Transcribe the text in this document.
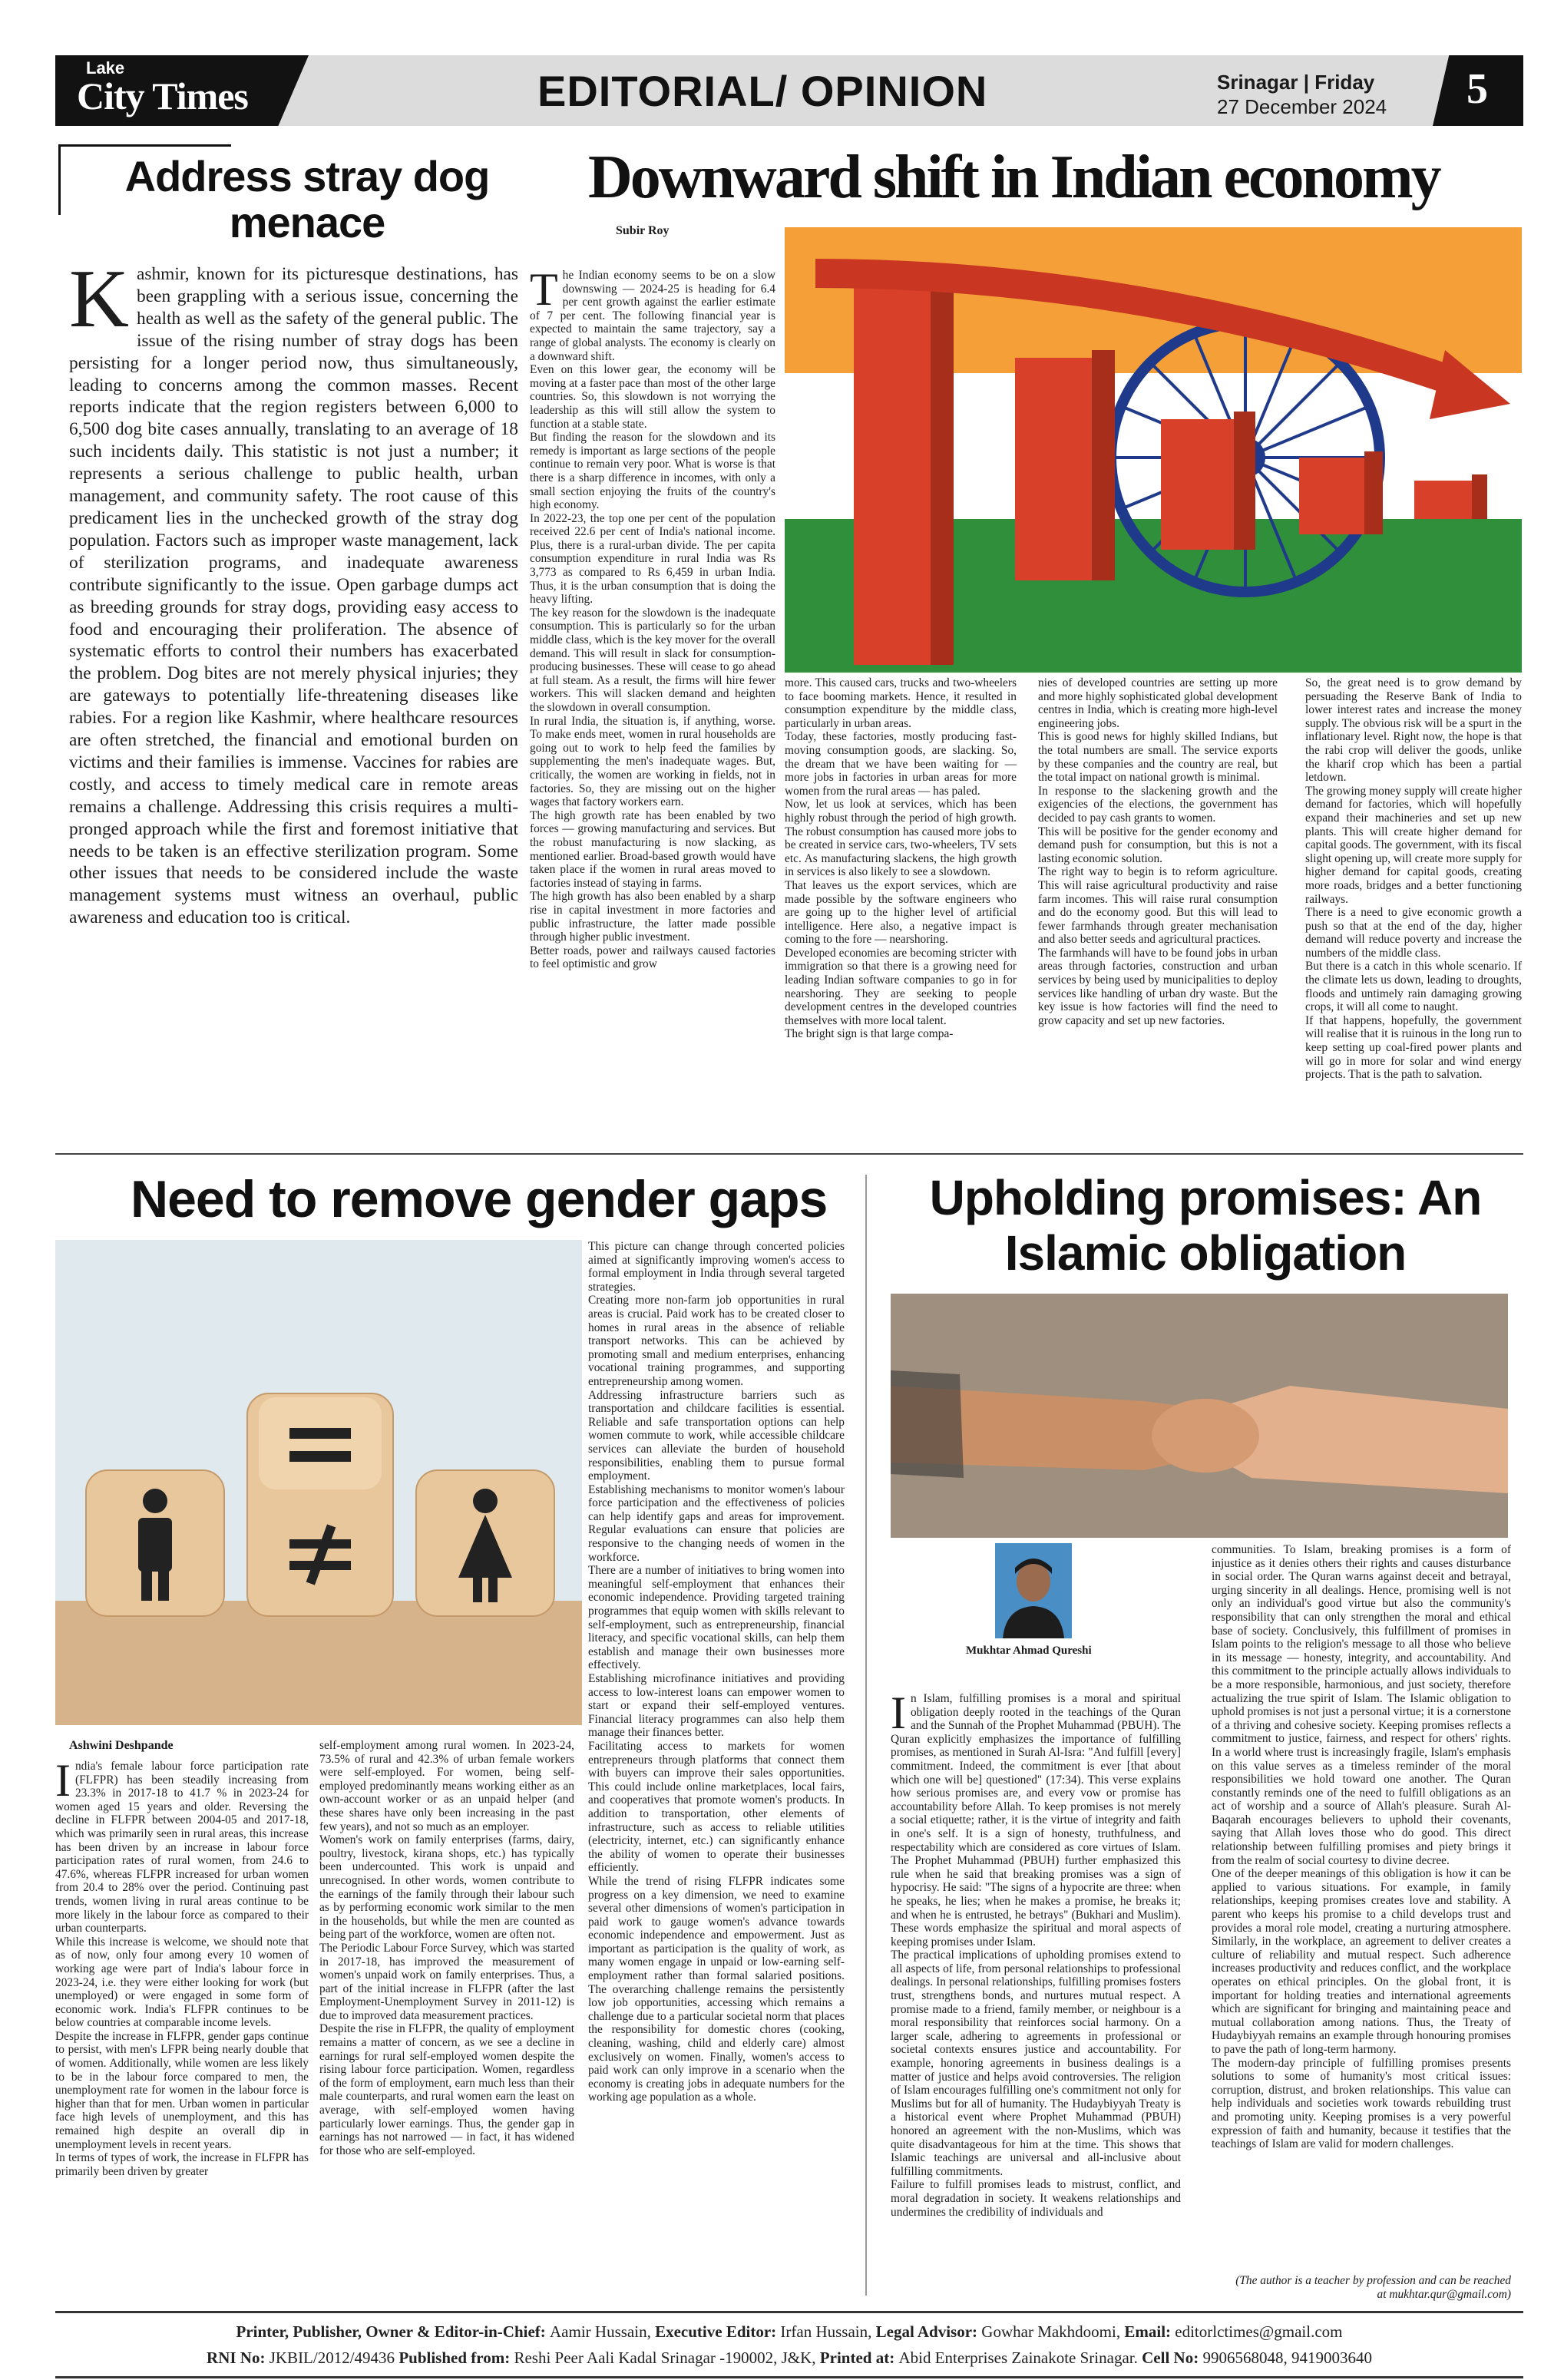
Lake
City Times	EDITORIAL/ OPINION	Srinagar | Friday
27 December 2024 5
Address stray dog menace
Kashmir, known for its picturesque destinations, has been grappling with a serious issue, concerning the health as well as the safety of the general public. The issue of the rising number of stray dogs has been persisting for a longer period now, thus simultaneously, leading to concerns among the common masses. Recent reports indicate that the region registers between 6,000 to 6,500 dog bite cases annually, translating to an average of 18 such incidents daily. This statistic is not just a number; it represents a serious challenge to public health, urban management, and community safety. The root cause of this predicament lies in the unchecked growth of the stray dog population. Factors such as improper waste management, lack of sterilization programs, and inadequate awareness contribute significantly to the issue. Open garbage dumps act as breeding grounds for stray dogs, providing easy access to food and encouraging their proliferation. The absence of systematic efforts to control their numbers has exacerbated the problem. Dog bites are not merely physical injuries; they are gateways to potentially life-threatening diseases like rabies. For a region like Kashmir, where healthcare resources are often stretched, the financial and emotional burden on victims and their families is immense. Vaccines for rabies are costly, and access to timely medical care in remote areas remains a challenge. Addressing this crisis requires a multi-pronged approach while the first and foremost initiative that needs to be taken is an effective sterilization program. Some other issues that needs to be considered include the waste management systems must witness an overhaul, public awareness and education too is critical.
Downward shift in Indian economy
Subir Roy
The Indian economy seems to be on a slow downswing — 2024-25 is heading for 6.4 per cent growth against the earlier estimate of 7 per cent. The following financial year is expected to maintain the same trajectory, say a range of global analysts. The economy is clearly on a downward shift.
Even on this lower gear, the economy will be moving at a faster pace than most of the other large countries. So, this slowdown is not worrying the leadership as this will still allow the system to function at a stable state.
But finding the reason for the slowdown and its remedy is important as large sections of the people continue to remain very poor. What is worse is that there is a sharp difference in incomes, with only a small section enjoying the fruits of the country's high economy.
In 2022-23, the top one per cent of the population received 22.6 per cent of India's national income. Plus, there is a rural-urban divide. The per capita consumption expenditure in rural India was Rs 3,773 as compared to Rs 6,459 in urban India. Thus, it is the urban consumption that is doing the heavy lifting.
The key reason for the slowdown is the inadequate consumption. This is particularly so for the urban middle class, which is the key mover for the overall demand. This will result in slack for consumption-producing businesses. These will cease to go ahead at full steam. As a result, the firms will hire fewer workers. This will slacken demand and heighten the slowdown in overall consumption.
In rural India, the situation is, if anything, worse. To make ends meet, women in rural households are going out to work to help feed the families by supplementing the men's inadequate wages. But, critically, the women are working in fields, not in factories. So, they are missing out on the higher wages that factory workers earn.
The high growth rate has been enabled by two forces — growing manufacturing and services. But the robust manufacturing is now slacking, as mentioned earlier. Broad-based growth would have taken place if the women in rural areas moved to factories instead of staying in farms.
The high growth has also been enabled by a sharp rise in capital investment in more factories and public infrastructure, the latter made possible through higher public investment.
Better roads, power and railways caused factories to feel optimistic and grow
more. This caused cars, trucks and two-wheelers to face booming markets. Hence, it resulted in consumption expenditure by the middle class, particularly in urban areas.
Today, these factories, mostly producing fast-moving consumption goods, are slacking. So, the dream that we have been waiting for — more jobs in factories in urban areas for more women from the rural areas — has paled.
Now, let us look at services, which has been highly robust through the period of high growth. The robust consumption has caused more jobs to be created in service cars, two-wheelers, TV sets etc. As manufacturing slackens, the high growth in services is also likely to see a slowdown.
That leaves us the export services, which are made possible by the software engineers who are going up to the higher level of artificial intelligence. Here also, a negative impact is coming to the fore — nearshoring.
Developed economies are becoming stricter with immigration so that there is a growing need for leading Indian software companies to go in for nearshoring. They are seeking to people development centres in the developed countries themselves with more local talent.
The bright sign is that large compa-
nies of developed countries are setting up more and more highly sophisticated global development centres in India, which is creating more high-level engineering jobs.
This is good news for highly skilled Indians, but the total numbers are small. The service exports by these companies and the country are real, but the total impact on national growth is minimal.
In response to the slackening growth and the exigencies of the elections, the government has decided to pay cash grants to women.
This will be positive for the gender economy and demand push for consumption, but this is not a lasting economic solution.
The right way to begin is to reform agriculture. This will raise agricultural productivity and raise farm incomes. This will raise rural consumption and do the economy good. But this will lead to fewer farmhands through greater mechanisation and also better seeds and agricultural practices.
The farmhands will have to be found jobs in urban areas through factories, construction and urban services by being used by municipalities to deploy services like handling of urban dry waste. But the key issue is how factories will find the need to grow capacity and set up new factories.
So, the great need is to grow demand by persuading the Reserve Bank of India to lower interest rates and increase the money supply. The obvious risk will be a spurt in the inflationary level. Right now, the hope is that the rabi crop will deliver the goods, unlike the kharif crop which has been a partial letdown.
The growing money supply will create higher demand for factories, which will hopefully expand their machineries and set up new plants. This will create higher demand for capital goods. The government, with its fiscal slight opening up, will create more supply for higher demand for capital goods, creating more roads, bridges and a better functioning railways.
There is a need to give economic growth a push so that at the end of the day, higher demand will reduce poverty and increase the numbers of the middle class.
But there is a catch in this whole scenario. If the climate lets us down, leading to droughts, floods and untimely rain damaging growing crops, it will all come to naught.
If that happens, hopefully, the government will realise that it is ruinous in the long run to keep setting up coal-fired power plants and will go in more for solar and wind energy projects. That is the path to salvation.
Need to remove gender gaps
Ashwini Deshpande
India's female labour force participation rate (FLFPR) has been steadily increasing from 23.3% in 2017-18 to 41.7 % in 2023-24 for women aged 15 years and older. Reversing the decline in FLFPR between 2004-05 and 2017-18, which was primarily seen in rural areas, this increase has been driven by an increase in labour force participation rates of rural women, from 24.6 to 47.6%, whereas FLFPR increased for urban women from 20.4 to 28% over the period. Continuing past trends, women living in rural areas continue to be more likely in the labour force as compared to their urban counterparts.
While this increase is welcome, we should note that as of now, only four among every 10 women of working age were part of India's labour force in 2023-24, i.e. they were either looking for work (but unemployed) or were engaged in some form of economic work. India's FLFPR continues to be below countries at comparable income levels.
Despite the increase in FLFPR, gender gaps continue to persist, with men's LFPR being nearly double that of women. Additionally, while women are less likely to be in the labour force compared to men, the unemployment rate for women in the labour force is higher than that for men. Urban women in particular face high levels of unemployment, and this has remained high despite an overall dip in unemployment levels in recent years.
In terms of types of work, the increase in FLFPR has primarily been driven by greater
self-employment among rural women. In 2023-24, 73.5% of rural and 42.3% of urban female workers were self-employed. For women, being self-employed predominantly means working either as an own-account worker or as an unpaid helper (and these shares have only been increasing in the past few years), and not so much as an employer.
Women's work on family enterprises (farms, dairy, poultry, livestock, kirana shops, etc.) has typically been undercounted. This work is unpaid and unrecognised. In other words, women contribute to the earnings of the family through their labour such as by performing economic work similar to the men in the households, but while the men are counted as being part of the workforce, women are often not.
The Periodic Labour Force Survey, which was started in 2017-18, has improved the measurement of women's unpaid work on family enterprises. Thus, a part of the initial increase in FLFPR (after the last Employment-Unemployment Survey in 2011-12) is due to improved data measurement practices.
Despite the rise in FLFPR, the quality of employment remains a matter of concern, as we see a decline in earnings for rural self-employed women despite the rising labour force participation. Women, regardless of the form of employment, earn much less than their male counterparts, and rural women earn the least on average, with self-employed women having particularly lower earnings. Thus, the gender gap in earnings has not narrowed — in fact, it has widened for those who are self-employed.
This picture can change through concerted policies aimed at significantly improving women's access to formal employment in India through several targeted strategies.
Creating more non-farm job opportunities in rural areas is crucial. Paid work has to be created closer to homes in rural areas in the absence of reliable transport networks. This can be achieved by promoting small and medium enterprises, enhancing vocational training programmes, and supporting entrepreneurship among women.
Addressing infrastructure barriers such as transportation and childcare facilities is essential. Reliable and safe transportation options can help women commute to work, while accessible childcare services can alleviate the burden of household responsibilities, enabling them to pursue formal employment.
Establishing mechanisms to monitor women's labour force participation and the effectiveness of policies can help identify gaps and areas for improvement. Regular evaluations can ensure that policies are responsive to the changing needs of women in the workforce.
There are a number of initiatives to bring women into meaningful self-employment that enhances their economic independence. Providing targeted training programmes that equip women with skills relevant to self-employment, such as entrepreneurship, financial literacy, and specific vocational skills, can help them establish and manage their own businesses more effectively.
Establishing microfinance initiatives and providing access to low-interest loans can empower women to start or expand their self-employed ventures. Financial literacy programmes can also help them manage their finances better.
Facilitating access to markets for women entrepreneurs through platforms that connect them with buyers can improve their sales opportunities. This could include online marketplaces, local fairs, and cooperatives that promote women's products. In addition to transportation, other elements of infrastructure, such as access to reliable utilities (electricity, internet, etc.) can significantly enhance the ability of women to operate their businesses efficiently.
While the trend of rising FLFPR indicates some progress on a key dimension, we need to examine several other dimensions of women's participation in paid work to gauge women's advance towards economic independence and empowerment. Just as important as participation is the quality of work, as many women engage in unpaid or low-earning self-employment rather than formal salaried positions. The overarching challenge remains the persistently low job opportunities, accessing which remains a challenge due to a particular societal norm that places the responsibility for domestic chores (cooking, cleaning, washing, child and elderly care) almost exclusively on women. Finally, women's access to paid work can only improve in a scenario when the economy is creating jobs in adequate numbers for the working age population as a whole.
Upholding promises: An Islamic obligation
Mukhtar Ahmad Qureshi
In Islam, fulfilling promises is a moral and spiritual obligation deeply rooted in the teachings of the Quran and the Sunnah of the Prophet Muhammad (PBUH). The Quran explicitly emphasizes the importance of fulfilling promises, as mentioned in Surah Al-Isra: "And fulfill [every] commitment. Indeed, the commitment is ever [that about which one will be] questioned" (17:34). This verse explains how serious promises are, and every vow or promise has accountability before Allah. To keep promises is not merely a social etiquette; rather, it is the virtue of integrity and faith in one's self. It is a sign of honesty, truthfulness, and respectability which are considered as core virtues of Islam. The Prophet Muhammad (PBUH) further emphasized this rule when he said that breaking promises was a sign of hypocrisy. He said: "The signs of a hypocrite are three: when he speaks, he lies; when he makes a promise, he breaks it; and when he is entrusted, he betrays" (Bukhari and Muslim). These words emphasize the spiritual and moral aspects of keeping promises under Islam.
The practical implications of upholding promises extend to all aspects of life, from personal relationships to professional dealings. In personal relationships, fulfilling promises fosters trust, strengthens bonds, and nurtures mutual respect. A promise made to a friend, family member, or neighbour is a moral responsibility that reinforces social harmony. On a larger scale, adhering to agreements in professional or societal contexts ensures justice and accountability. For example, honoring agreements in business dealings is a matter of justice and helps avoid controversies. The religion of Islam encourages fulfilling one's commitment not only for Muslims but for all of humanity. The Hudaybiyyah Treaty is a historical event where Prophet Muhammad (PBUH) honored an agreement with the non-Muslims, which was quite disadvantageous for him at the time. This shows that Islamic teachings are universal and all-inclusive about fulfilling commitments.
Failure to fulfill promises leads to mistrust, conflict, and moral degradation in society. It weakens relationships and undermines the credibility of individuals and
communities. To Islam, breaking promises is a form of injustice as it denies others their rights and causes disturbance in social order. The Quran warns against deceit and betrayal, urging sincerity in all dealings. Hence, promising well is not only an individual's good virtue but also the community's responsibility that can only strengthen the moral and ethical base of society. Conclusively, this fulfillment of promises in Islam points to the religion's message to all those who believe in its message — honesty, integrity, and accountability. And this commitment to the principle actually allows individuals to be a more responsible, harmonious, and just society, therefore actualizing the true spirit of Islam. The Islamic obligation to uphold promises is not just a personal virtue; it is a cornerstone of a thriving and cohesive society. Keeping promises reflects a commitment to justice, fairness, and respect for others' rights. In a world where trust is increasingly fragile, Islam's emphasis on this value serves as a timeless reminder of the moral responsibilities we hold toward one another. The Quran constantly reminds one of the need to fulfill obligations as an act of worship and a source of Allah's pleasure. Surah Al-Baqarah encourages believers to uphold their covenants, saying that Allah loves those who do good. This direct relationship between fulfilling promises and piety brings it from the realm of social courtesy to divine decree.
One of the deeper meanings of this obligation is how it can be applied to various situations. For example, in family relationships, keeping promises creates love and stability. A parent who keeps his promise to a child develops trust and provides a moral role model, creating a nurturing atmosphere. Similarly, in the workplace, an agreement to deliver creates a culture of reliability and mutual respect. Such adherence increases productivity and reduces conflict, and the workplace operates on ethical principles. On the global front, it is important for holding treaties and international agreements which are significant for bringing and maintaining peace and mutual collaboration among nations. Thus, the Treaty of Hudaybiyyah remains an example through honouring promises to pave the path of long-term harmony.
The modern-day principle of fulfilling promises presents solutions to some of humanity's most critical issues: corruption, distrust, and broken relationships. This value can help individuals and societies work towards rebuilding trust and promoting unity. Keeping promises is a very powerful expression of faith and humanity, because it testifies that the teachings of Islam are valid for modern challenges.
(The author is a teacher by profession and can be reached
at mukhtar.qur@gmail.com)
Printer, Publisher, Owner & Editor-in-Chief: Aamir Hussain, Executive Editor: Irfan Hussain, Legal Advisor: Gowhar Makhdoomi, Email: editorlctimes@gmail.com
RNI No: JKBIL/2012/49436 Published from: Reshi Peer Aali Kadal Srinagar -190002, J&K, Printed at: Abid Enterprises Zainakote Srinagar. Cell No: 9906568048, 9419003640
